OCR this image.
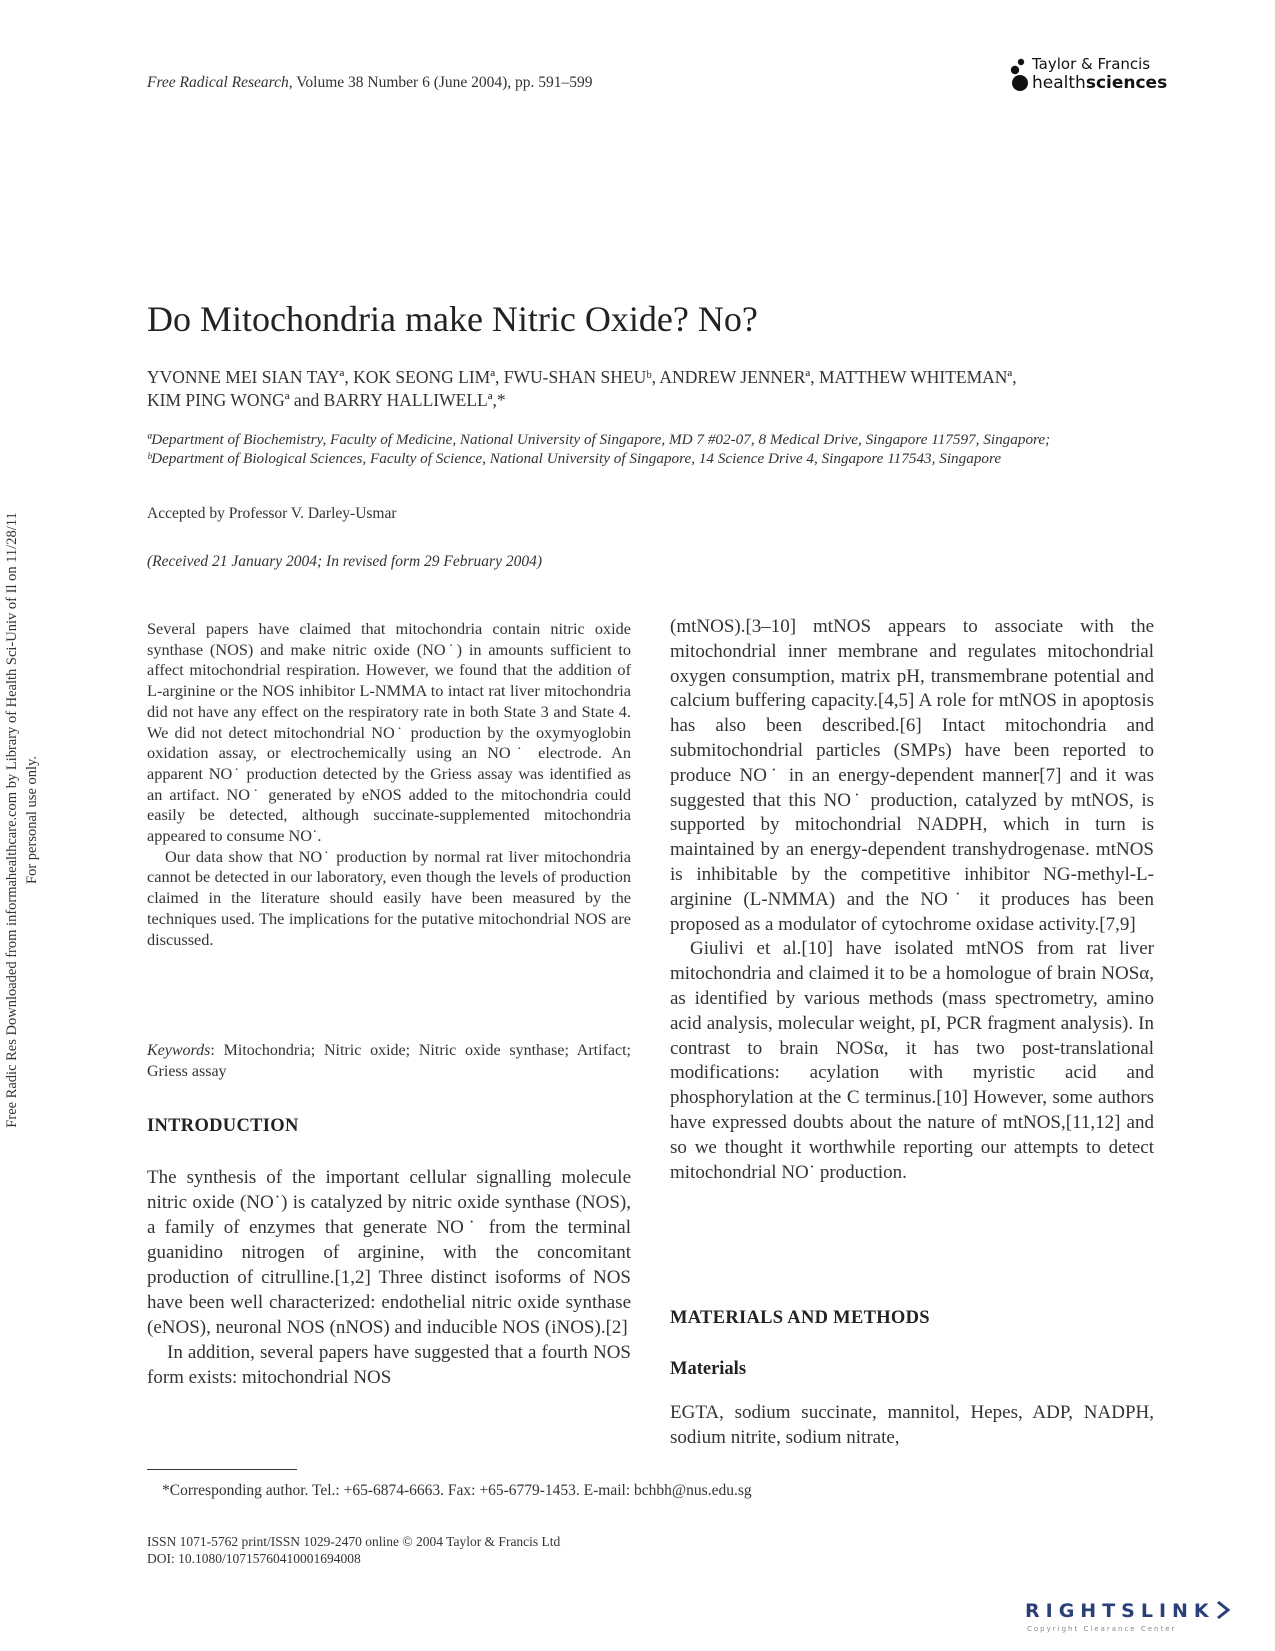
Free Radic Res Downloaded from informahealthcare.com by Library of Health Sci-Univ of Il on 11/28/11 For personal use only.
Free Radical Research, Volume 38 Number 6 (June 2004), pp. 591–599
Taylor & Francis
healthsciences
Do Mitochondria make Nitric Oxide? No?
YVONNE MEI SIAN TAYª, KOK SEONG LIMª, FWU-SHAN SHEUᵇ, ANDREW JENNERª, MATTHEW WHITEMANª,
KIM PING WONGª and BARRY HALLIWELLª,*
ªDepartment of Biochemistry, Faculty of Medicine, National University of Singapore, MD 7 #02-07, 8 Medical Drive, Singapore 117597, Singapore;
ᵇDepartment of Biological Sciences, Faculty of Science, National University of Singapore, 14 Science Drive 4, Singapore 117543, Singapore
Accepted by Professor V. Darley-Usmar
(Received 21 January 2004; In revised form 29 February 2004)

Several papers have claimed that mitochondria contain nitric oxide synthase (NOS) and make nitric oxide (NO˙) in amounts sufficient to affect mitochondrial respiration. However, we found that the addition of L-arginine or the NOS inhibitor L-NMMA to intact rat liver mitochondria did not have any effect on the respiratory rate in both State 3 and State 4. We did not detect mitochondrial NO˙ production by the oxymyoglobin oxidation assay, or electrochemically using an NO˙ electrode. An apparent NO˙ production detected by the Griess assay was identified as an artifact. NO˙ generated by eNOS added to the mitochondria could easily be detected, although succinate-supplemented mitochondria appeared to consume NO˙.

Our data show that NO˙ production by normal rat liver mitochondria cannot be detected in our laboratory, even though the levels of production claimed in the literature should easily have been measured by the techniques used. The implications for the putative mitochondrial NOS are discussed.

Keywords: Mitochondria; Nitric oxide; Nitric oxide synthase; Artifact; Griess assay
INTRODUCTION

The synthesis of the important cellular signalling molecule nitric oxide (NO˙) is catalyzed by nitric oxide synthase (NOS), a family of enzymes that generate NO˙ from the terminal guanidino nitrogen of arginine, with the concomitant production of citrulline.[1,2] Three distinct isoforms of NOS have been well characterized: endothelial nitric oxide synthase (eNOS), neuronal NOS (nNOS) and inducible NOS (iNOS).[2]

In addition, several papers have suggested that a fourth NOS form exists: mitochondrial NOS

(mtNOS).[3–10] mtNOS appears to associate with the mitochondrial inner membrane and regulates mitochondrial oxygen consumption, matrix pH, transmembrane potential and calcium buffering capacity.[4,5] A role for mtNOS in apoptosis has also been described.[6] Intact mitochondria and submitochondrial particles (SMPs) have been reported to produce NO˙ in an energy-dependent manner[7] and it was suggested that this NO˙ production, catalyzed by mtNOS, is supported by mitochondrial NADPH, which in turn is maintained by an energy-dependent transhydrogenase. mtNOS is inhibitable by the competitive inhibitor NG-methyl-L-arginine (L-NMMA) and the NO˙ it produces has been proposed as a modulator of cytochrome oxidase activity.[7,9]

Giulivi et al.[10] have isolated mtNOS from rat liver mitochondria and claimed it to be a homologue of brain NOSα, as identified by various methods (mass spectrometry, amino acid analysis, molecular weight, pI, PCR fragment analysis). In contrast to brain NOSα, it has two post-translational modifications: acylation with myristic acid and phosphorylation at the C terminus.[10] However, some authors have expressed doubts about the nature of mtNOS,[11,12] and so we thought it worthwhile reporting our attempts to detect mitochondrial NO˙ production.

MATERIALS AND METHODS
Materials
EGTA, sodium succinate, mannitol, Hepes, ADP, NADPH, sodium nitrite, sodium nitrate,
*Corresponding author. Tel.: +65-6874-6663. Fax: +65-6779-1453. E-mail: bchbh@nus.edu.sg
ISSN 1071-5762 print/ISSN 1029-2470 online © 2004 Taylor & Francis Ltd
DOI: 10.1080/10715760410001694008
RIGHTSLINK
Copyright Clearance Center
